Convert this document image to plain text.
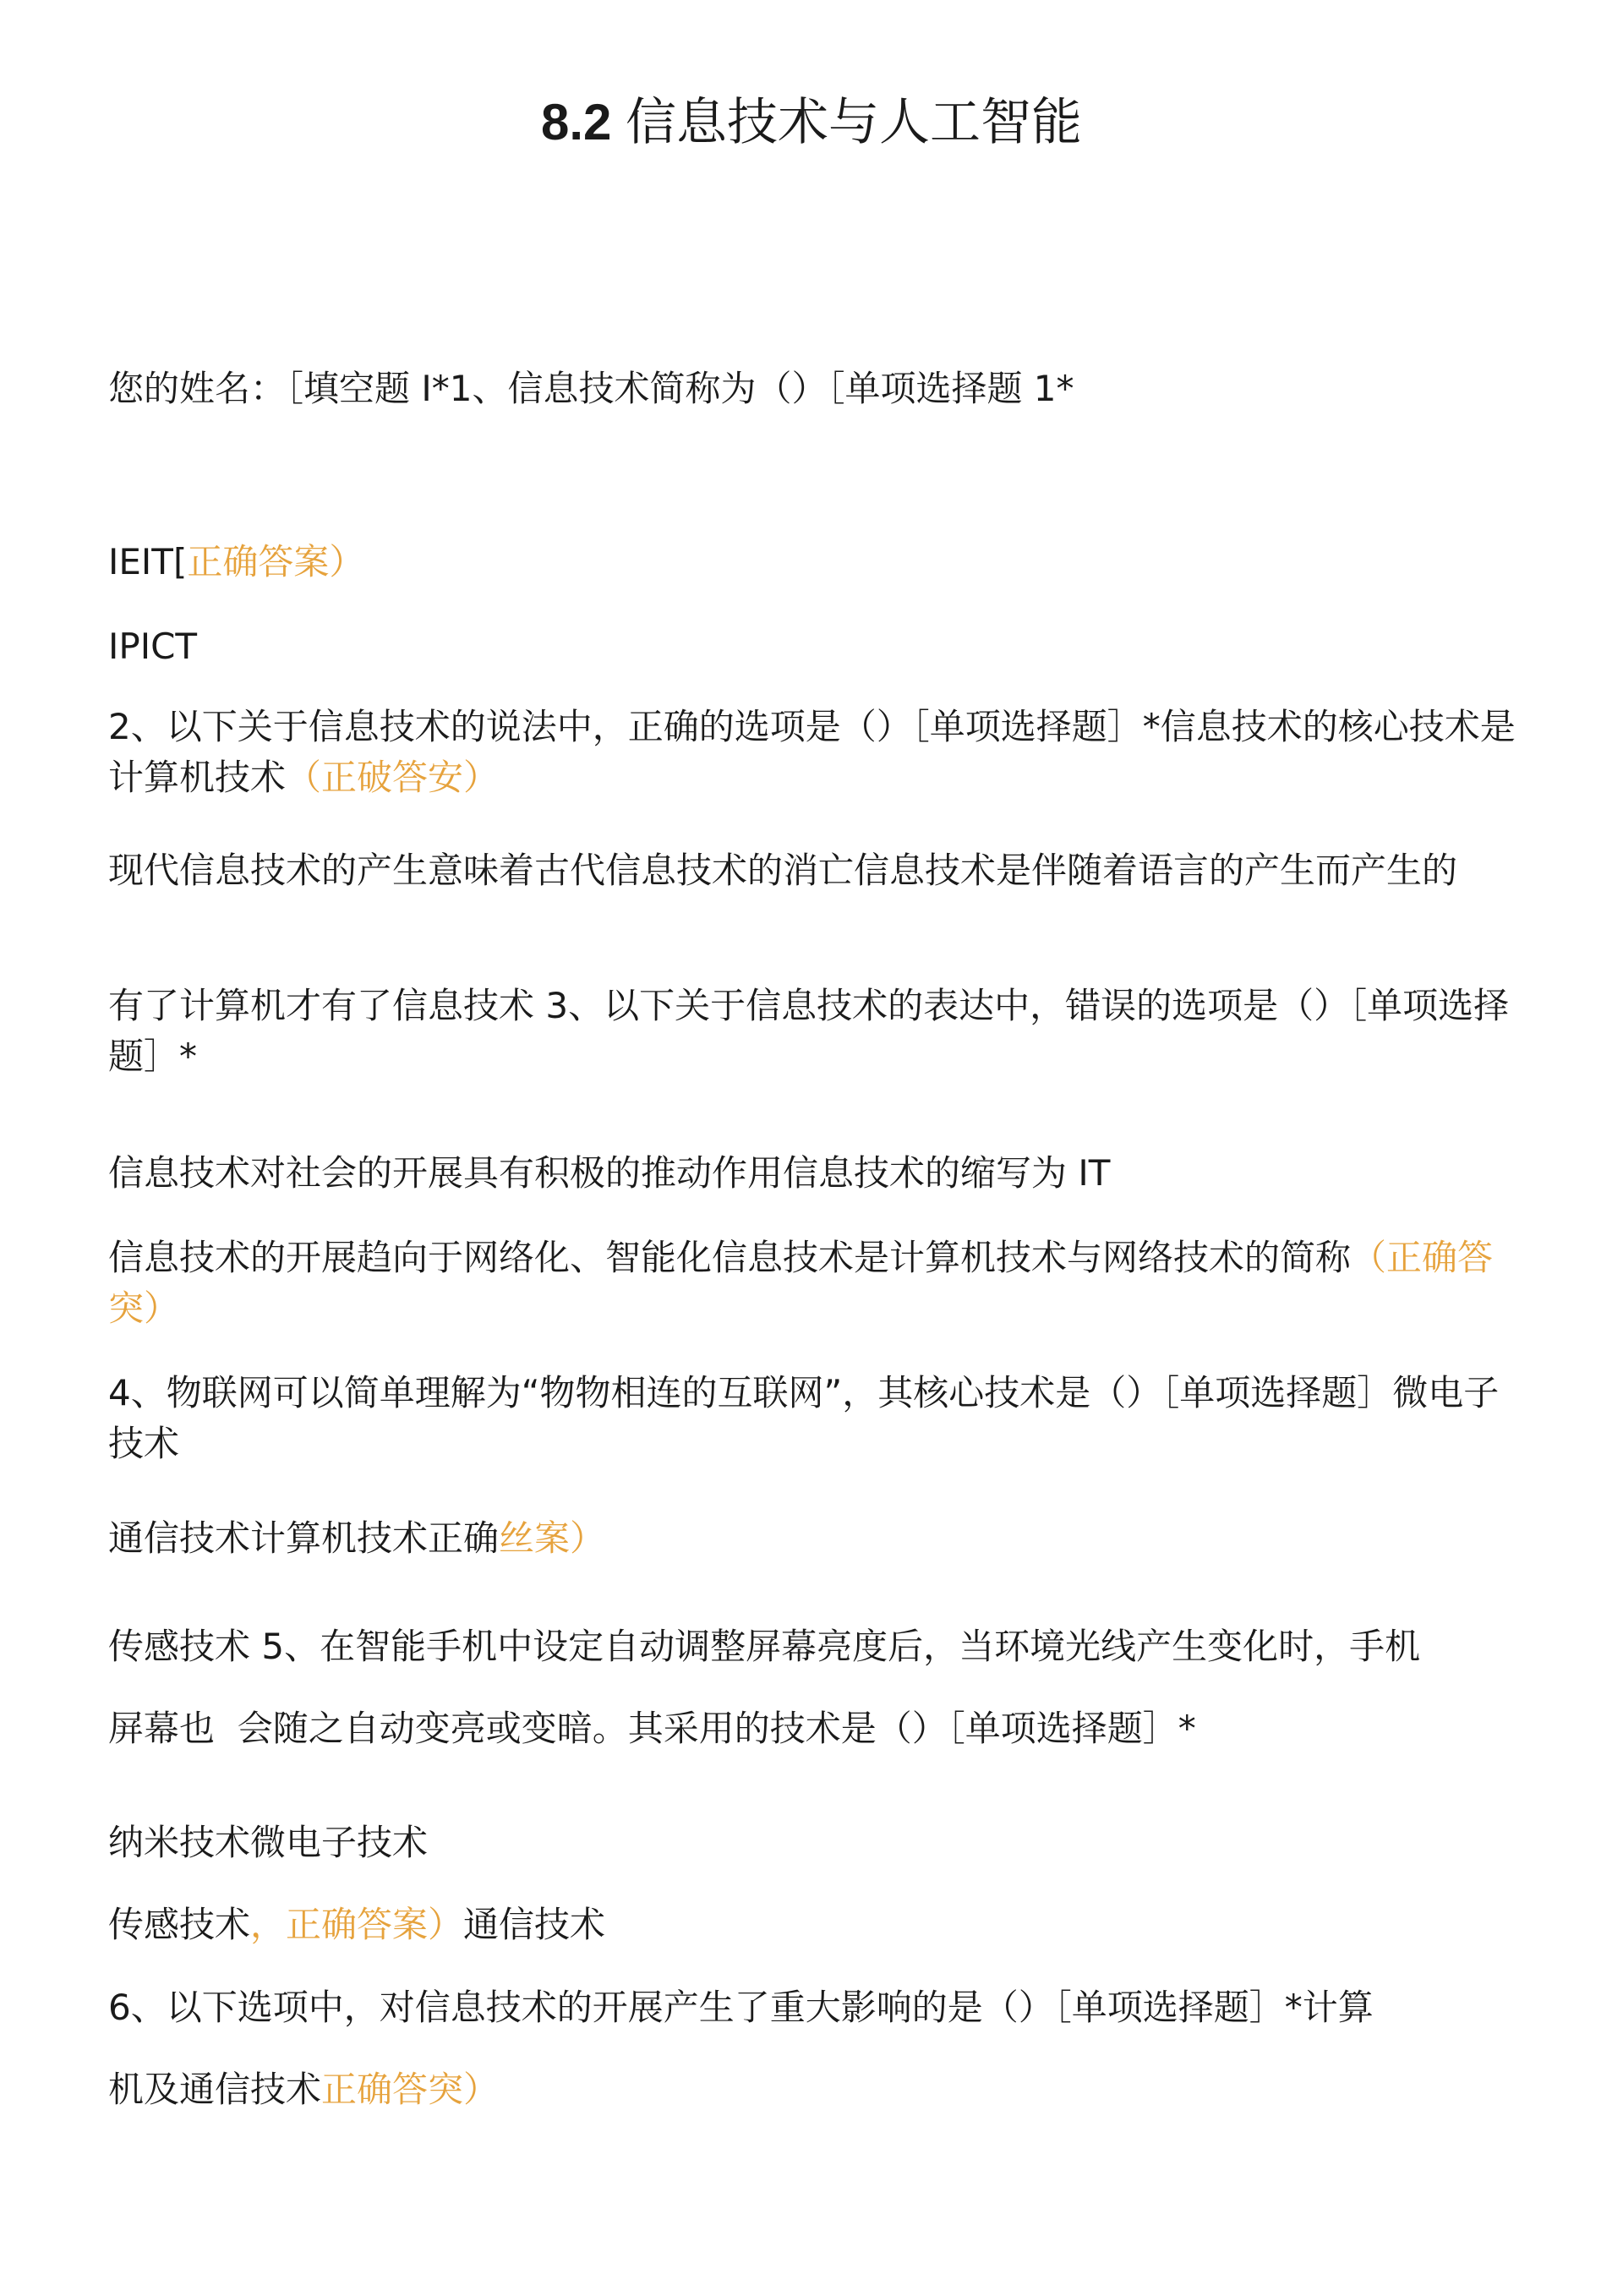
8.2 信息技术与人工智能
您的姓名：［填空题 I*1、信息技术简称为（）［单项选择题 1*
IEIT[正确答案）
IPICT
2、以下关于信息技术的说法中，正确的选项是（）［单项选择题］*信息技术的核心技术是计算机技术（正破答安）
现代信息技术的产生意味着古代信息技术的消亡信息技术是伴随着语言的产生而产生的
有了计算机才有了信息技术 3、以下关于信息技术的表达中，错误的选项是（）［单项选择题］*
信息技术对社会的开展具有积极的推动作用信息技术的缩写为 IT
信息技术的开展趋向于网络化、智能化信息技术是计算机技术与网络技术的简称（正确答突）
4、物联网可以简单理解为“物物相连的互联网”，其核心技术是（）［单项选择题］微电子技术
通信技术计算机技术正确丝案）
传感技术 5、在智能手机中设定自动调整屏幕亮度后，当环境光线产生变化时，手机
屏幕也  会随之自动变亮或变暗。其采用的技术是（）［单项选择题］*
纳米技术微电子技术
传感技术，正确答案）通信技术
6、以下选项中，对信息技术的开展产生了重大影响的是（）［单项选择题］*计算
机及通信技术正确答突）
